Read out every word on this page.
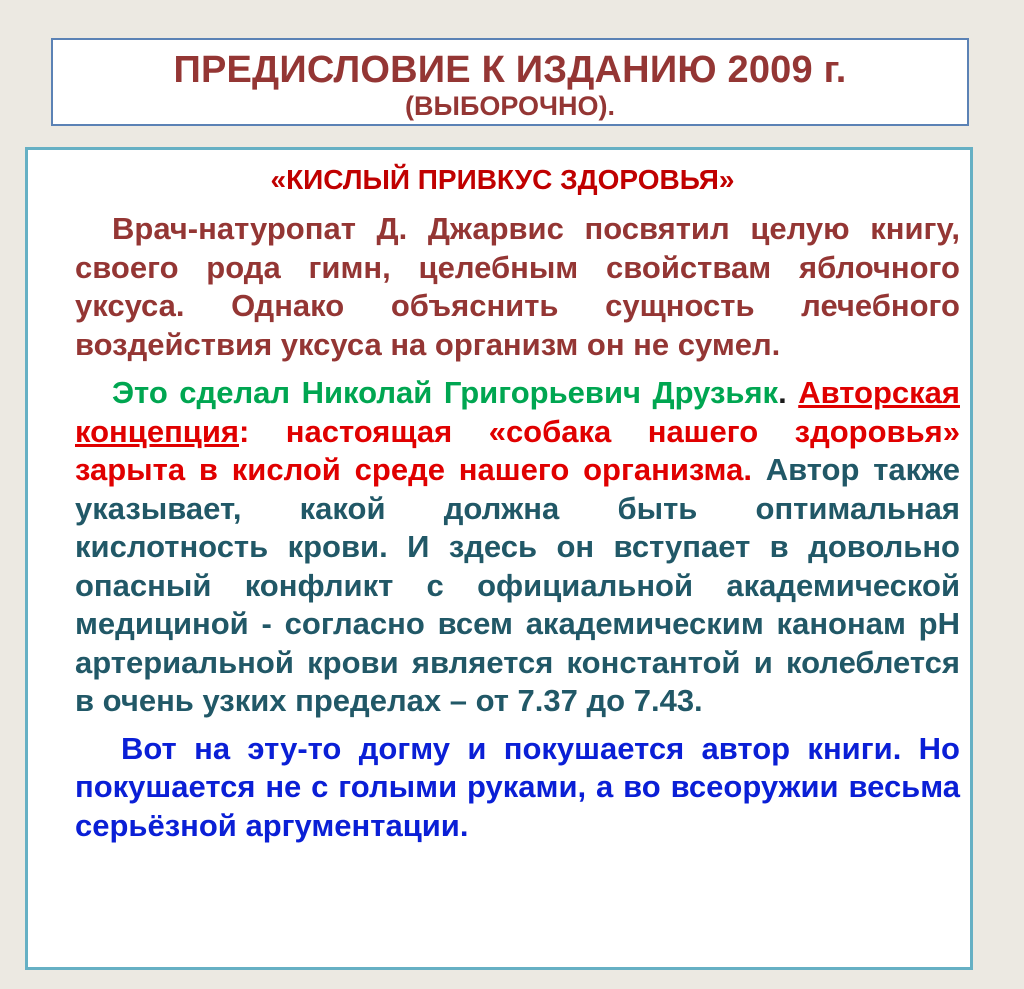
ПРЕДИСЛОВИЕ К ИЗДАНИЮ 2009 г.
(ВЫБОРОЧНО).
«КИСЛЫЙ ПРИВКУС ЗДОРОВЬЯ»

Врач-натуропат Д. Джарвис посвятил целую книгу, своего рода гимн, целебным свойствам яблочного уксуса. Однако объяснить сущность лечебного воздействия уксуса на организм он не сумел.

Это сделал Николай Григорьевич Друзьяк. Авторская концепция: настоящая «собака нашего здоровья» зарыта в кислой среде нашего организма. Автор также указывает, какой должна быть оптимальная кислотность крови. И здесь он вступает в довольно опасный конфликт с официальной академической медициной - согласно всем академическим канонам рН артериальной крови является константой и колеблется в очень узких пределах – от 7.37 до 7.43.

Вот на эту-то догму и покушается автор книги. Но покушается не с голыми руками, а во всеоружии весьма серьёзной аргументации.
